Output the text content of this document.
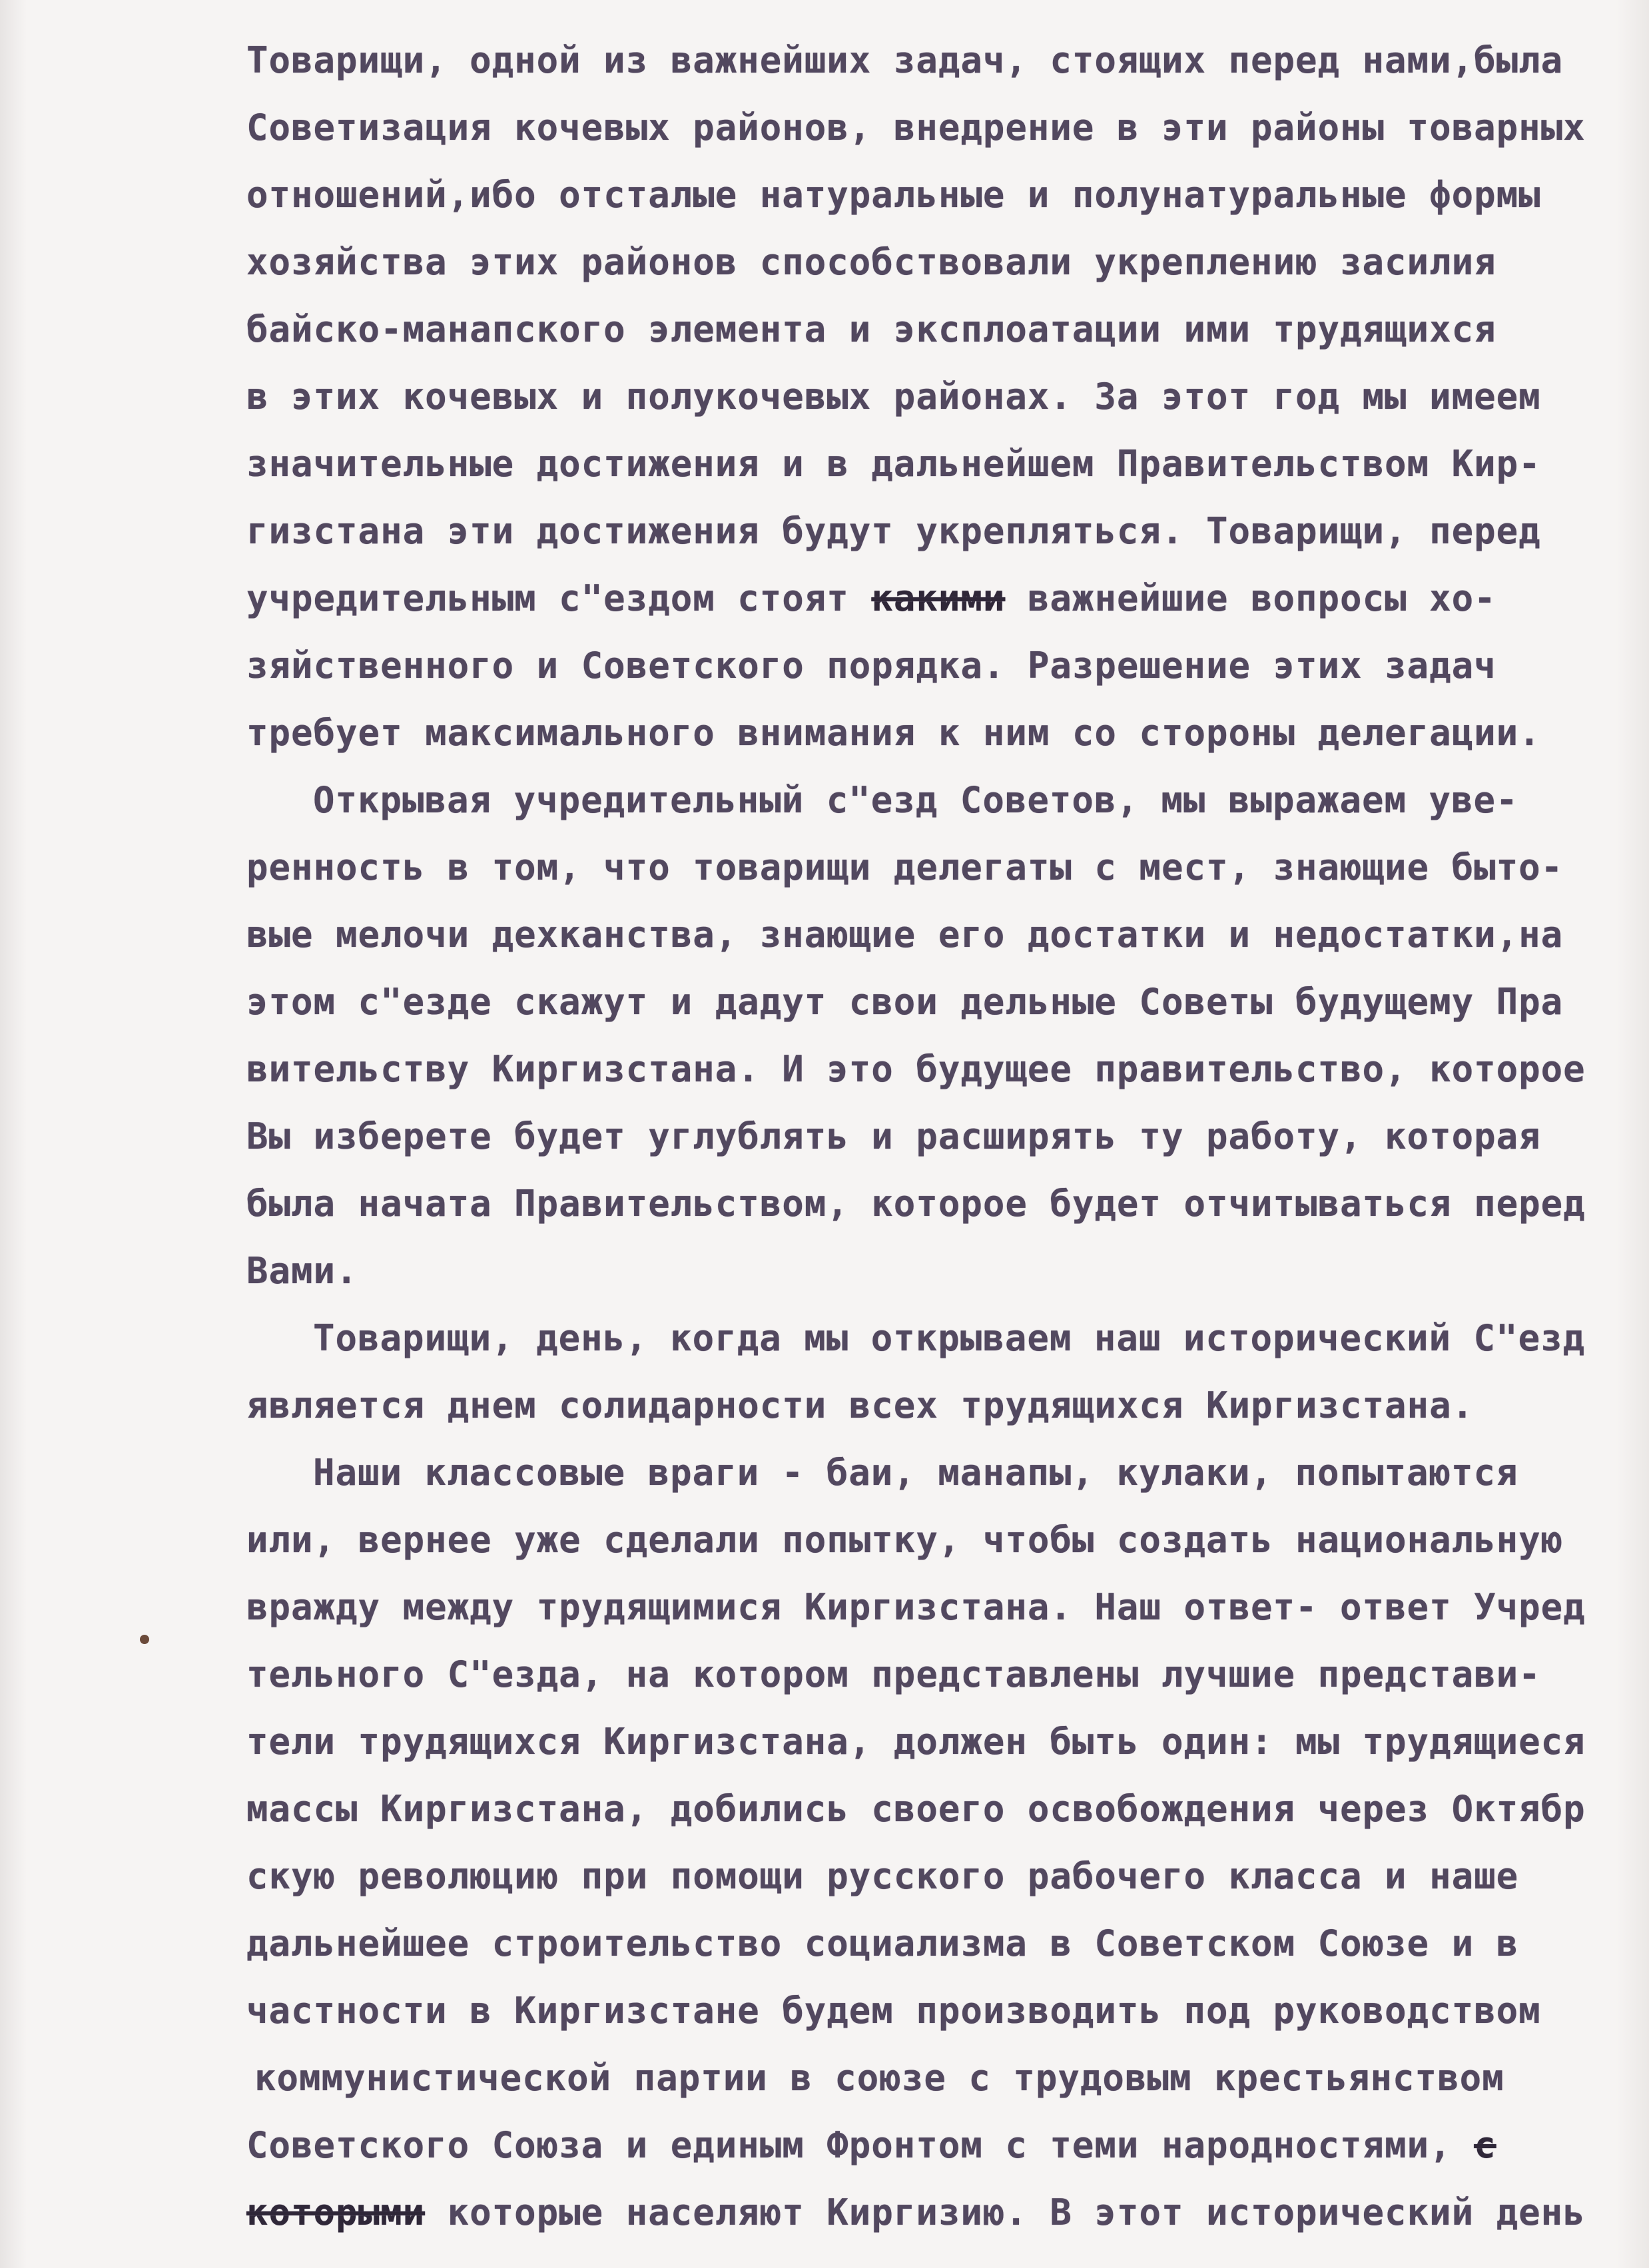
Товарищи, одной из важнейших задач, стоящих перед нами,была
Советизация кочевых районов, внедрение в эти районы товарных
отношений,ибо отсталые натуральные и полунатуральные формы
хозяйства этих районов способствовали укреплению засилия
байско-манапского элемента и эксплоатации ими трудящихся
в этих кочевых и полукочевых районах. За этот год мы имеем
значительные достижения и в дальнейшем Правительством Кир-
гизстана эти достижения будут укрепляться. Товарищи, перед
учредительным с"ездом стоят какими важнейшие вопросы хо-
зяйственного и Советского порядка. Разрешение этих задач
требует максимального внимания к ним со стороны делегации.
Открывая учредительный с"езд Советов, мы выражаем уве-
ренность в том, что товарищи делегаты с мест, знающие быто-
вые мелочи дехканства, знающие его достатки и недостатки,на
этом с"езде скажут и дадут свои дельные Советы будущему Пра
вительству Киргизстана. И это будущее правительство, которое
Вы изберете будет углублять и расширять ту работу, которая
была начата Правительством, которое будет отчитываться перед
Вами.
Товарищи, день, когда мы открываем наш исторический С"езд
является днем солидарности всех трудящихся Киргизстана.
Наши классовые враги - баи, манапы, кулаки, попытаются
или, вернее уже сделали попытку, чтобы создать национальную
вражду между трудящимися Киргизстана. Наш ответ- ответ Учред
тельного С"езда, на котором представлены лучшие представи-
тели трудящихся Киргизстана, должен быть один: мы трудящиеся
массы Киргизстана, добились своего освобождения через Октябр
скую революцию при помощи русского рабочего класса и наше
дальнейшее строительство социализма в Советском Союзе и в
частности в Киргизстане будем производить под руководством
коммунистической партии в союзе с трудовым крестьянством
Советского Союза и единым Фронтом с теми народностями, с
которыми которые населяют Киргизию. В этот исторический день
